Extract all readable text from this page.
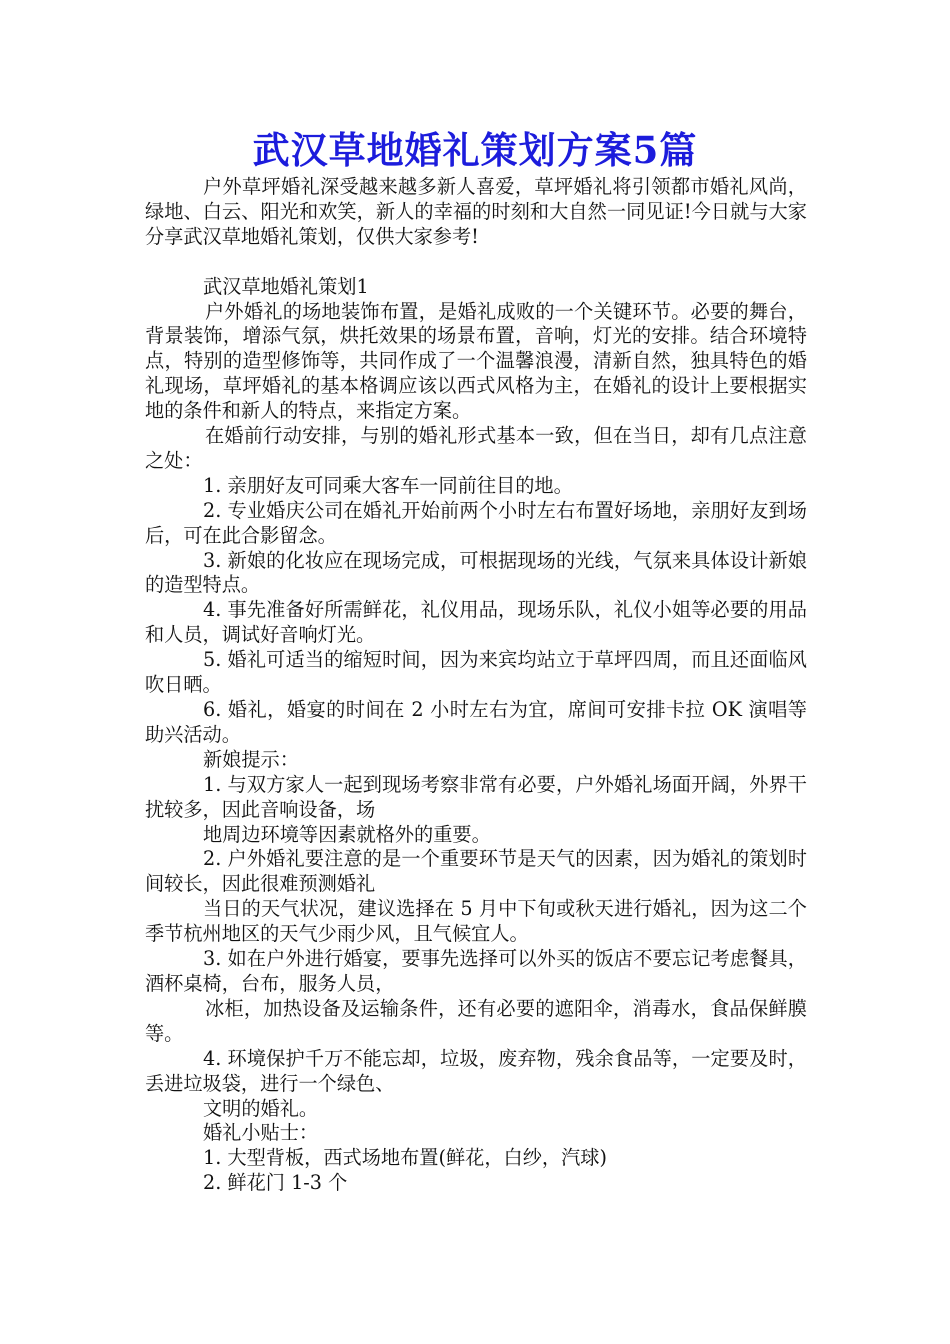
武汉草地婚礼策划方案5篇

户外草坪婚礼深受越来越多新人喜爱，草坪婚礼将引领都市婚礼风尚，绿地、白云、阳光和欢笑，新人的幸福的时刻和大自然一同见证!今日就与大家分享武汉草地婚礼策划，仅供大家参考!

武汉草地婚礼策划1

户外婚礼的场地装饰布置，是婚礼成败的一个关键环节。必要的舞台，背景装饰，增添气氛，烘托效果的场景布置，音响，灯光的安排。结合环境特点，特别的造型修饰等，共同作成了一个温馨浪漫，清新自然，独具特色的婚礼现场，草坪婚礼的基本格调应该以西式风格为主，在婚礼的设计上要根据实地的条件和新人的特点，来指定方案。

在婚前行动安排，与别的婚礼形式基本一致，但在当日，却有几点注意之处：

1. 亲朋好友可同乘大客车一同前往目的地。

2. 专业婚庆公司在婚礼开始前两个小时左右布置好场地，亲朋好友到场后，可在此合影留念。

3. 新娘的化妆应在现场完成，可根据现场的光线，气氛来具体设计新娘的造型特点。

4. 事先准备好所需鲜花，礼仪用品，现场乐队，礼仪小姐等必要的用品和人员，调试好音响灯光。

5. 婚礼可适当的缩短时间，因为来宾均站立于草坪四周，而且还面临风吹日晒。

6. 婚礼，婚宴的时间在 2 小时左右为宜，席间可安排卡拉 OK 演唱等助兴活动。

新娘提示：

1. 与双方家人一起到现场考察非常有必要，户外婚礼场面开阔，外界干扰较多，因此音响设备，场

地周边环境等因素就格外的重要。

2. 户外婚礼要注意的是一个重要环节是天气的因素，因为婚礼的策划时间较长，因此很难预测婚礼

当日的天气状况，建议选择在 5 月中下旬或秋天进行婚礼，因为这二个季节杭州地区的天气少雨少风，且气候宜人。

3. 如在户外进行婚宴，要事先选择可以外买的饭店不要忘记考虑餐具，酒杯桌椅，台布，服务人员，

冰柜，加热设备及运输条件，还有必要的遮阳伞，消毒水，食品保鲜膜等。

4. 环境保护千万不能忘却，垃圾，废弃物，残余食品等，一定要及时，丢进垃圾袋，进行一个绿色、

文明的婚礼。

婚礼小贴士：

1. 大型背板，西式场地布置(鲜花，白纱，汽球)

2. 鲜花门 1-3 个
